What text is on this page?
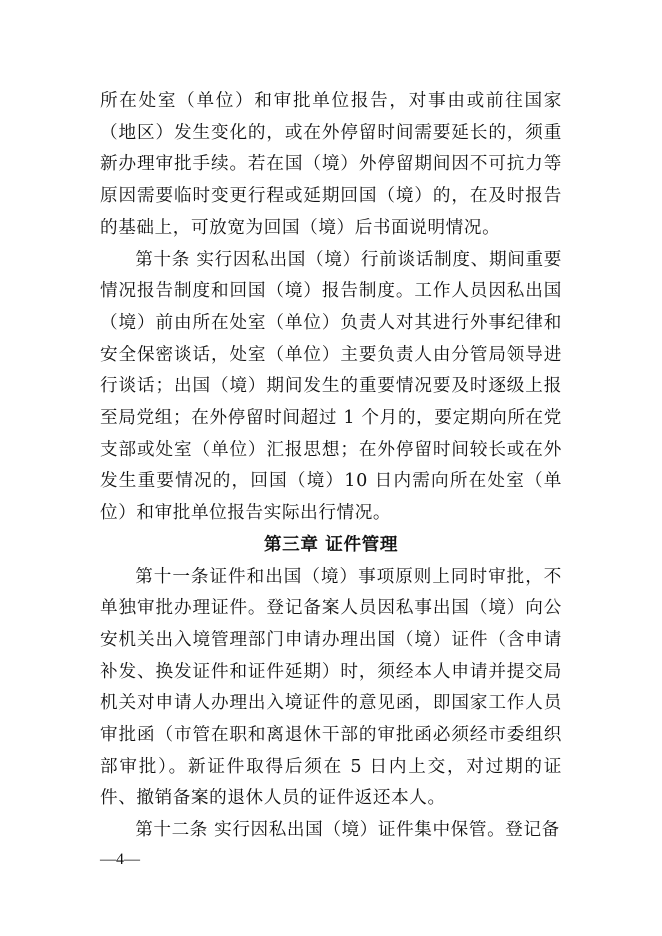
所在处室（单位）和审批单位报告，对事由或前往国家（地区）发生变化的，或在外停留时间需要延长的，须重新办理审批手续。若在国（境）外停留期间因不可抗力等原因需要临时变更行程或延期回国（境）的，在及时报告的基础上，可放宽为回国（境）后书面说明情况。

第十条 实行因私出国（境）行前谈话制度、期间重要情况报告制度和回国（境）报告制度。工作人员因私出国（境）前由所在处室（单位）负责人对其进行外事纪律和安全保密谈话，处室（单位）主要负责人由分管局领导进行谈话；出国（境）期间发生的重要情况要及时逐级上报至局党组；在外停留时间超过 1 个月的，要定期向所在党支部或处室（单位）汇报思想；在外停留时间较长或在外发生重要情况的，回国（境）10 日内需向所在处室（单位）和审批单位报告实际出行情况。

第三章 证件管理

第十一条证件和出国（境）事项原则上同时审批，不单独审批办理证件。登记备案人员因私事出国（境）向公安机关出入境管理部门申请办理出国（境）证件（含申请补发、换发证件和证件延期）时，须经本人申请并提交局机关对申请人办理出入境证件的意见函，即国家工作人员审批函（市管在职和离退休干部的审批函必须经市委组织部审批）。新证件取得后须在 5 日内上交，对过期的证件、撤销备案的退休人员的证件返还本人。

第十二条 实行因私出国（境）证件集中保管。登记备

—4—
